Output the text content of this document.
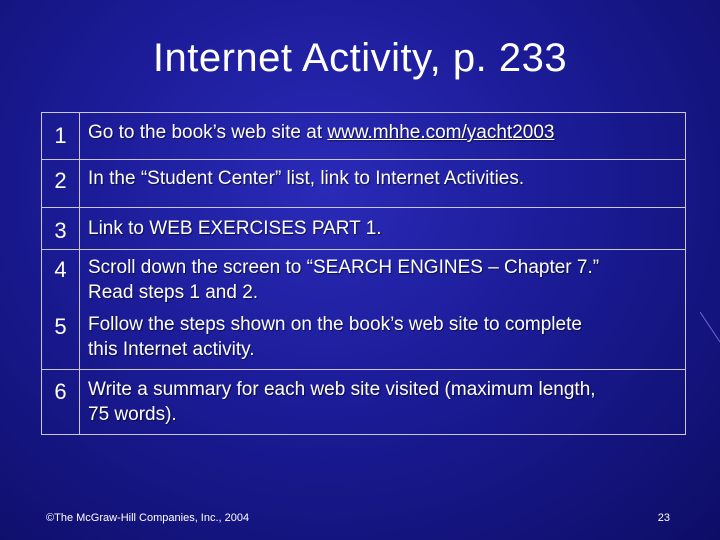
Internet Activity, p. 233
1	Go to the book’s web site at www.mhhe.com/yacht2003
2	In the “Student Center” list, link to Internet Activities.
3	Link to WEB EXERCISES PART 1.
4	Scroll down the screen to “SEARCH ENGINES – Chapter 7.”
Read steps 1 and 2.
5	Follow the steps shown on the book’s web site to complete
this Internet activity.
6	Write a summary for each web site visited (maximum length,
75 words).
©The McGraw-Hill Companies, Inc., 2004	23
